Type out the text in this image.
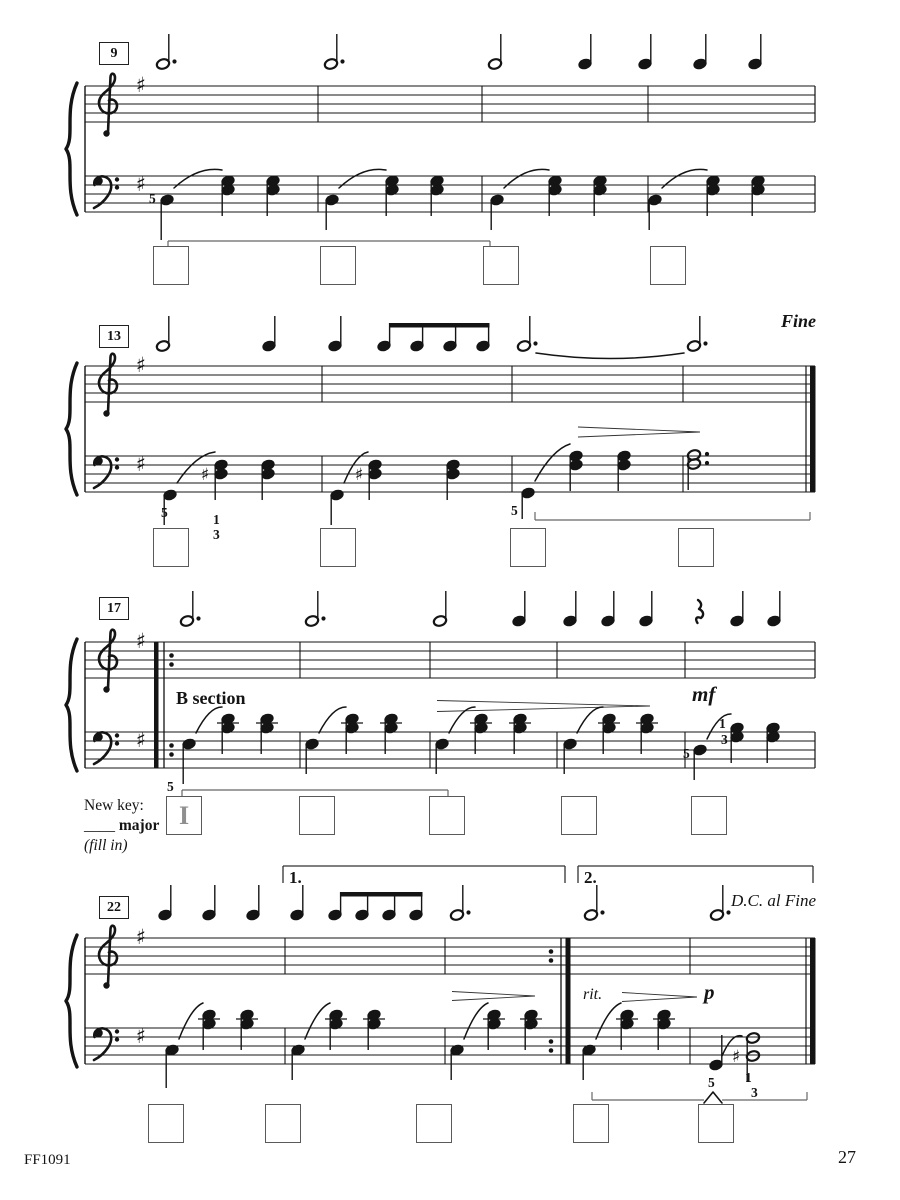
♯
♯
♯
♯	♯	♯
♯
♯
♯
♯
♯
Fine
B section	mf
rit.	p
D.C. al Fine
New key:
____ major
(fill in)
FF1091	27
1.	2.
9
13
17
22
I
5
5	1
3
5
5
5
1
3
5 1
3
